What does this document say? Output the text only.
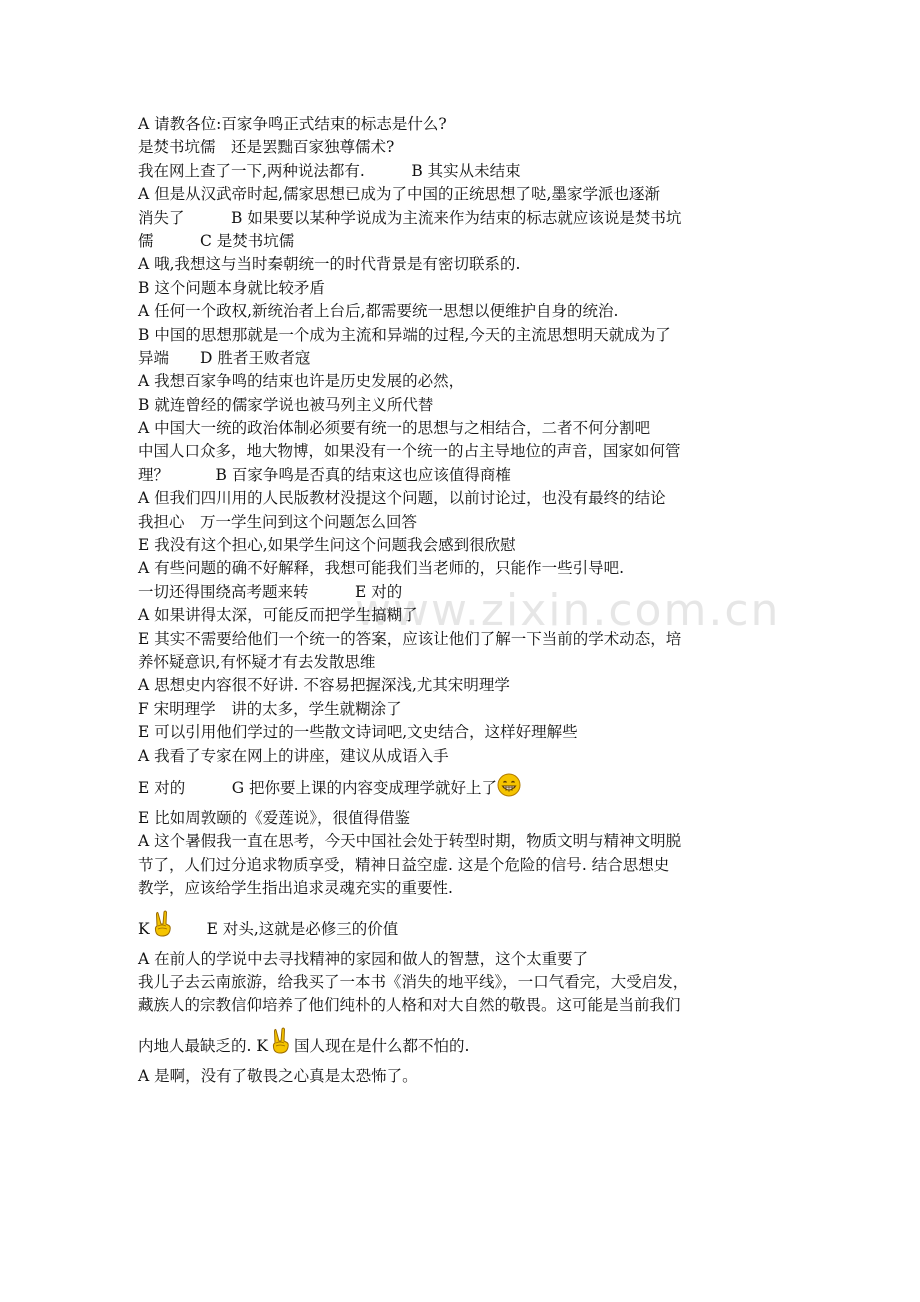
www.zixin.com.cn
A 请教各位:百家争鸣正式结束的标志是什么?
是焚书坑儒　还是罢黜百家独尊儒术?
我在网上查了一下,两种说法都有.　　　B 其实从未结束
A 但是从汉武帝时起,儒家思想已成为了中国的正统思想了哒,墨家学派也逐渐
消失了　　　B 如果要以某种学说成为主流来作为结束的标志就应该说是焚书坑
儒　　　C 是焚书坑儒
A 哦,我想这与当时秦朝统一的时代背景是有密切联系的.
B 这个问题本身就比较矛盾
A 任何一个政权,新统治者上台后,都需要统一思想以便维护自身的统治.
B 中国的思想那就是一个成为主流和异端的过程,今天的主流思想明天就成为了
异端　　D 胜者王败者寇
A 我想百家争鸣的结束也许是历史发展的必然，
B 就连曾经的儒家学说也被马列主义所代替
A 中国大一统的政治体制必须要有统一的思想与之相结合，二者不何分割吧
中国人口众多，地大物博，如果没有一个统一的占主导地位的声音，国家如何管
理？　　　B 百家争鸣是否真的结束这也应该值得商榷
A 但我们四川用的人民版教材没提这个问题，以前讨论过，也没有最终的结论
我担心　万一学生问到这个问题怎么回答
E 我没有这个担心,如果学生问这个问题我会感到很欣慰
A 有些问题的确不好解释，我想可能我们当老师的，只能作一些引导吧.
一切还得围绕高考题来转　　　E 对的
A 如果讲得太深，可能反而把学生搞糊了
E 其实不需要给他们一个统一的答案，应该让他们了解一下当前的学术动态，培
养怀疑意识,有怀疑才有去发散思维
A 思想史内容很不好讲. 不容易把握深浅,尤其宋明理学
F 宋明理学　讲的太多，学生就糊涂了
E 可以引用他们学过的一些散文诗词吧,文史结合，这样好理解些
A 我看了专家在网上的讲座，建议从成语入手
E 对的　　　G 把你要上课的内容变成理学就好上了
E 比如周敦颐的《爱莲说》，很值得借鉴
A 这个暑假我一直在思考，今天中国社会处于转型时期，物质文明与精神文明脱
节了，人们过分追求物质享受，精神日益空虚. 这是个危险的信号. 结合思想史
教学，应该给学生指出追求灵魂充实的重要性.
K　　E 对头,这就是必修三的价值
A 在前人的学说中去寻找精神的家园和做人的智慧，这个太重要了
我儿子去云南旅游，给我买了一本书《消失的地平线》，一口气看完，大受启发，
藏族人的宗教信仰培养了他们纯朴的人格和对大自然的敬畏。这可能是当前我们
内地人最缺乏的. K 国人现在是什么都不怕的.
A 是啊，没有了敬畏之心真是太恐怖了。
